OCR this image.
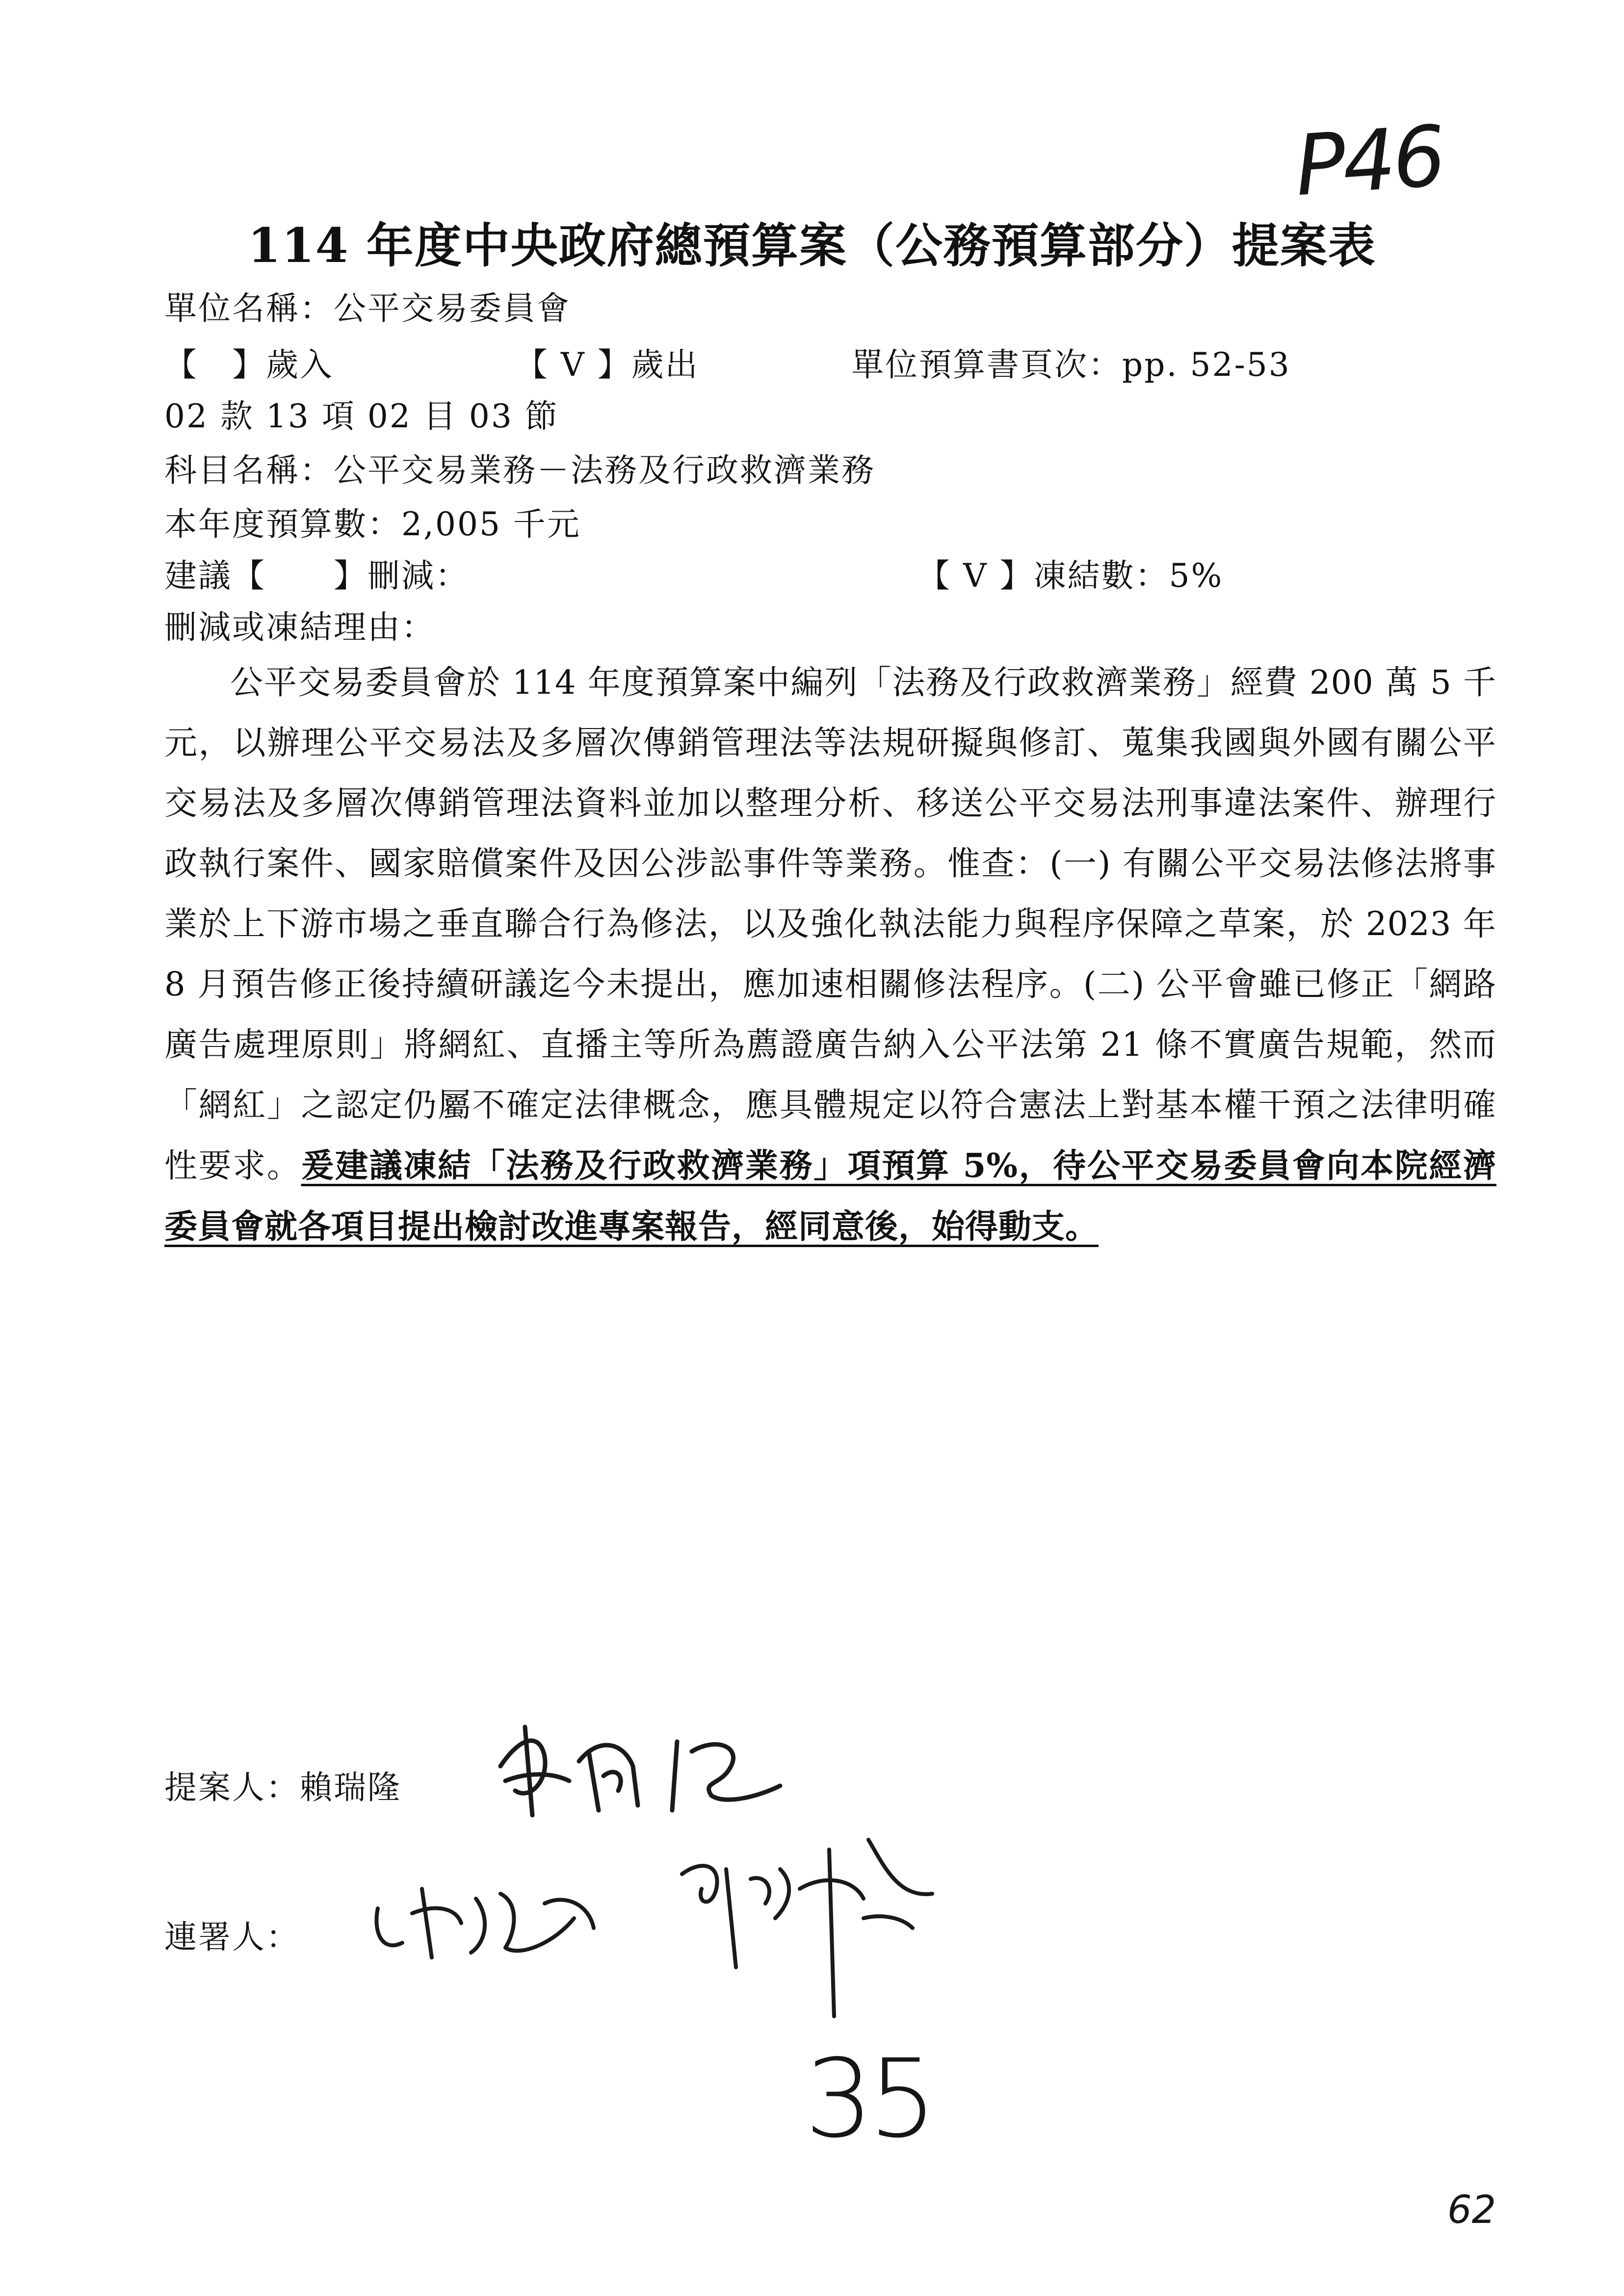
P46
114 年度中央政府總預算案（公務預算部分）提案表
單位名稱：公平交易委員會
【　】歲入	【 V 】歲出	單位預算書頁次：pp. 52-53
02 款 13 項 02 目 03 節
科目名稱：公平交易業務－法務及行政救濟業務
本年度預算數：2,005 千元
建議【　　】刪減：	【 V 】凍結數：5%
刪減或凍結理由：
公平交易委員會於 114 年度預算案中編列「法務及行政救濟業務」經費 200 萬 5 千元，以辦理公平交易法及多層次傳銷管理法等法規研擬與修訂、蒐集我國與外國有關公平交易法及多層次傳銷管理法資料並加以整理分析、移送公平交易法刑事違法案件、辦理行政執行案件、國家賠償案件及因公涉訟事件等業務。惟查：(一) 有關公平交易法修法將事業於上下游市場之垂直聯合行為修法，以及強化執法能力與程序保障之草案，於 2023 年 8 月預告修正後持續研議迄今未提出，應加速相關修法程序。(二) 公平會雖已修正「網路廣告處理原則」將網紅、直播主等所為薦證廣告納入公平法第 21 條不實廣告規範，然而「網紅」之認定仍屬不確定法律概念，應具體規定以符合憲法上對基本權干預之法律明確性要求。爰建議凍結「法務及行政救濟業務」項預算 5%，待公平交易委員會向本院經濟委員會就各項目提出檢討改進專案報告，經同意後，始得動支。
提案人：賴瑞隆
連署人：
35
62
